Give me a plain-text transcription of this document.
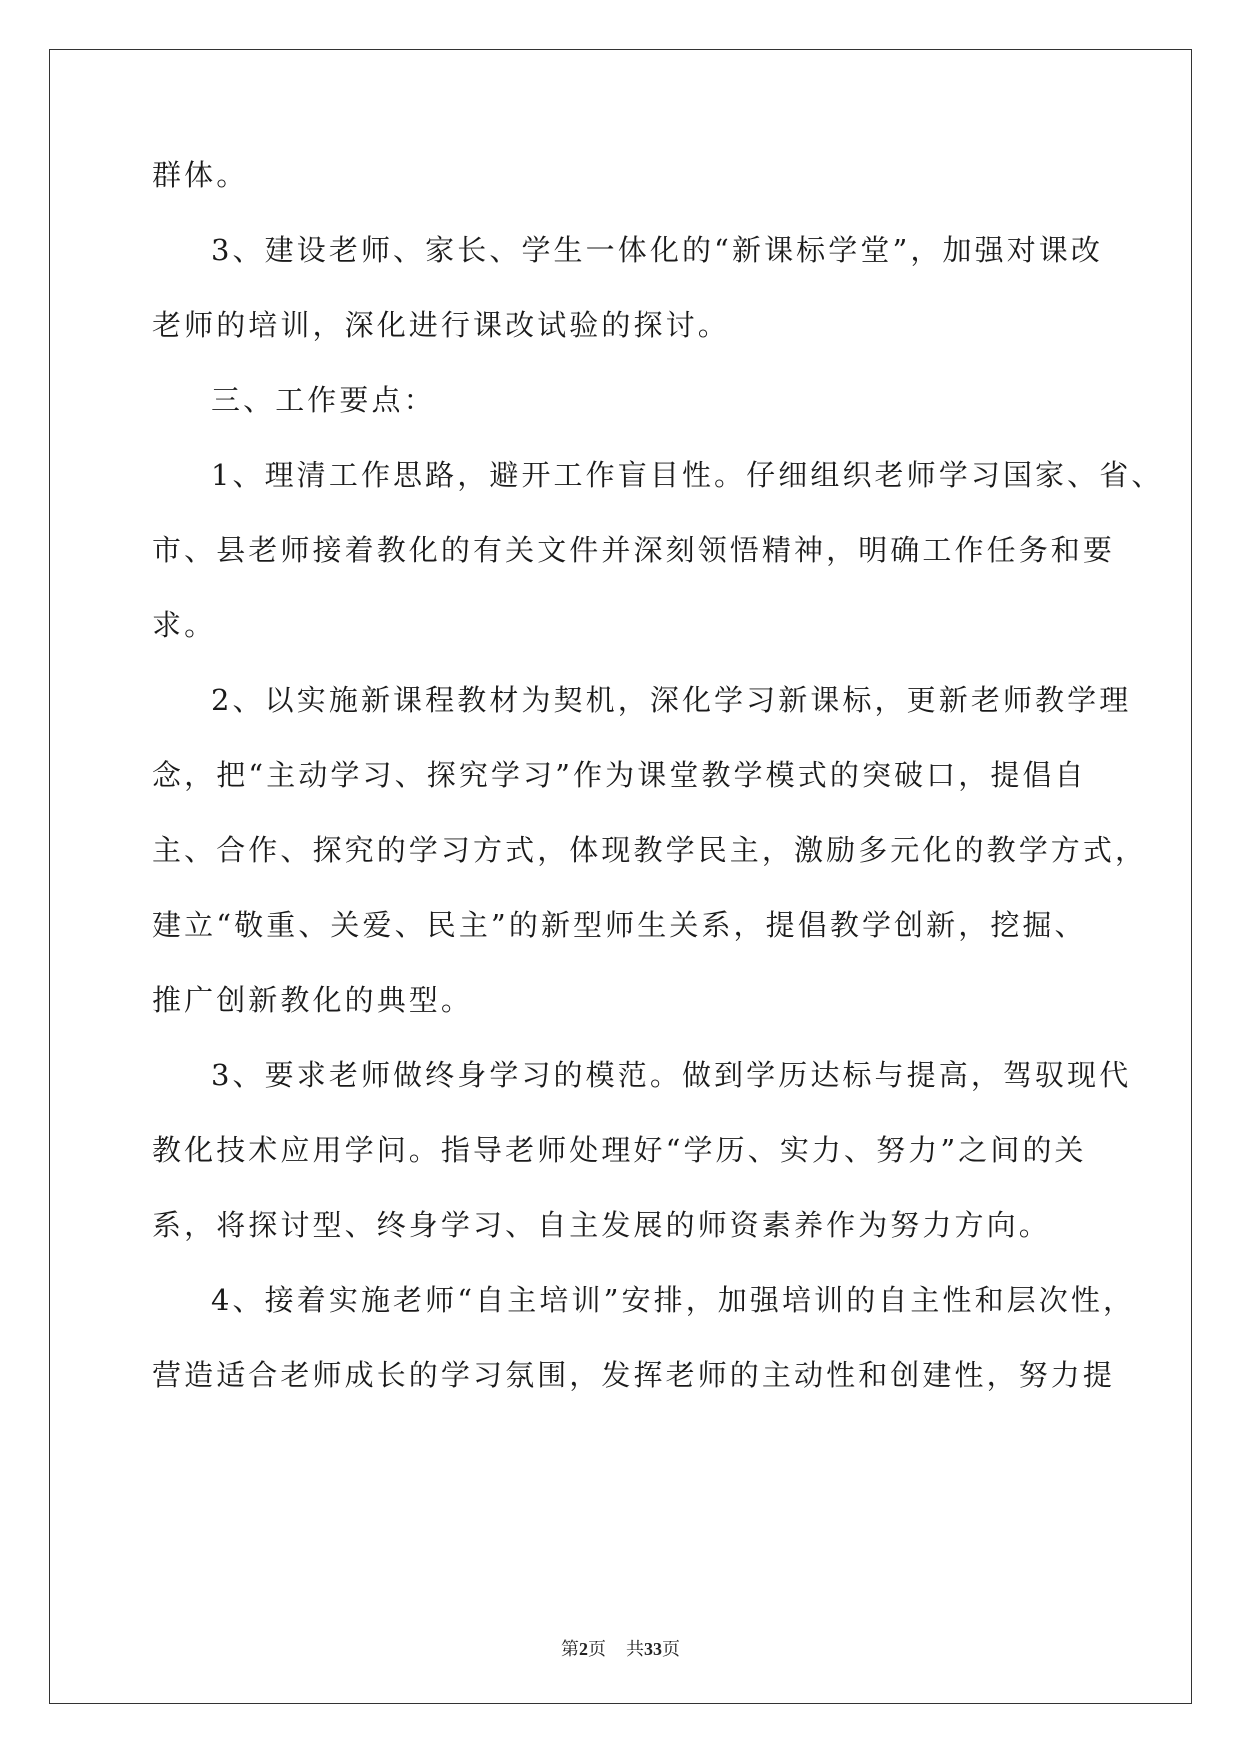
群体。
3、建设老师、家长、学生一体化的“新课标学堂”，加强对课改
老师的培训，深化进行课改试验的探讨。
三、工作要点：
1、理清工作思路，避开工作盲目性。仔细组织老师学习国家、省、
市、县老师接着教化的有关文件并深刻领悟精神，明确工作任务和要
求。
2、以实施新课程教材为契机，深化学习新课标，更新老师教学理
念，把“主动学习、探究学习”作为课堂教学模式的突破口，提倡自
主、合作、探究的学习方式，体现教学民主，激励多元化的教学方式，
建立“敬重、关爱、民主”的新型师生关系，提倡教学创新，挖掘、
推广创新教化的典型。
3、要求老师做终身学习的模范。做到学历达标与提高，驾驭现代
教化技术应用学问。指导老师处理好“学历、实力、努力”之间的关
系，将探讨型、终身学习、自主发展的师资素养作为努力方向。
4、接着实施老师“自主培训”安排，加强培训的自主性和层次性，
营造适合老师成长的学习氛围，发挥老师的主动性和创建性，努力提
第2页 共33页
